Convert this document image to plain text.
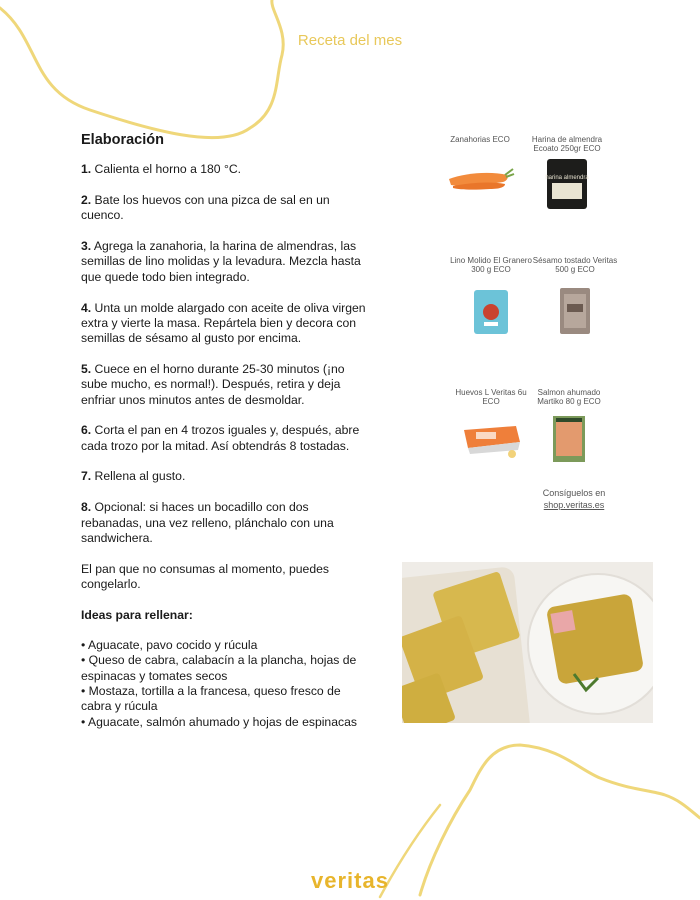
Receta del mes
Elaboración

1. Calienta el horno a 180 °C.

2. Bate los huevos con una pizca de sal en un cuenco.

3. Agrega la zanahoria, la harina de almendras, las semillas de lino molidas y la levadura. Mezcla hasta que quede todo bien integrado.

4. Unta un molde alargado con aceite de oliva virgen extra y vierte la masa. Repártela bien y decora con semillas de sésamo al gusto por encima.

5. Cuece en el horno durante 25-30 minutos (¡no sube mucho, es normal!). Después, retira y deja enfriar unos minutos antes de desmoldar.

6. Corta el pan en 4 trozos iguales y, después, abre cada trozo por la mitad. Así obtendrás 8 tostadas.

7. Rellena al gusto.

8. Opcional: si haces un bocadillo con dos rebanadas, una vez relleno, plánchalo con una sandwichera.

El pan que no consumas al momento, puedes congelarlo.

Ideas para rellenar:

• Aguacate, pavo cocido y rúcula
• Queso de cabra, calabacín a la plancha, hojas de espinacas y tomates secos
• Mostaza, tortilla a la francesa, queso fresco de cabra y rúcula
• Aguacate, salmón ahumado y hojas de espinacas
Zanahorias ECO	Harina de almendra Ecoato 250gr ECO
harina almendra
Lino Molido El Granero 300 g ECO
Sésamo tostado Veritas 500 g ECO
Huevos L Veritas 6u ECO
Salmon ahumado Martiko 80 g ECO
Consíguelos en
shop.veritas.es
veritas
